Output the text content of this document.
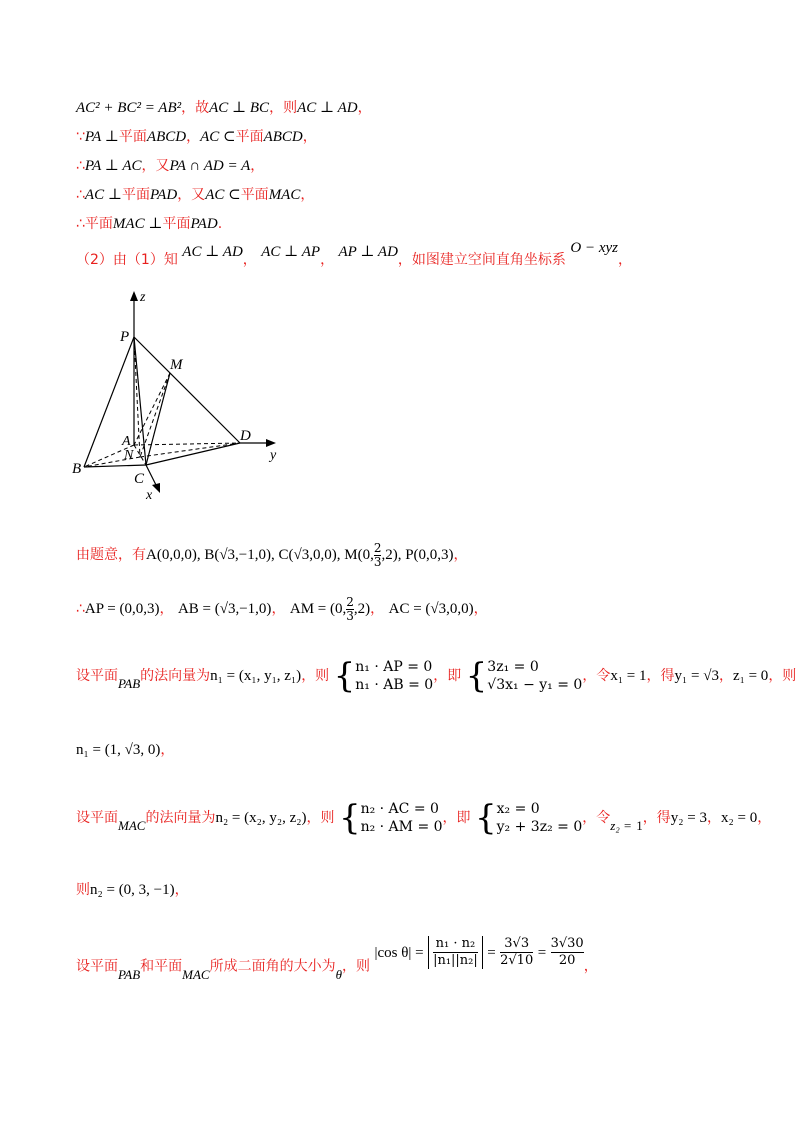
AC² + BC² = AB²，故AC ⊥ BC，则AC ⊥ AD，
∵PA ⊥平面ABCD，AC ⊂平面ABCD，
∴PA ⊥ AC，又PA ∩ AD = A，
∴AC ⊥平面PAD，又AC ⊂平面MAC，
∴平面MAC ⊥平面PAD.
（2）由（1）知 AC ⊥ AD， AC ⊥ AP， AP ⊥ AD，如图建立空间直角坐标系 O − xyz，
z
P
M
A
N
D
y
B
C
x
由题意，有A(0,0,0), B(√3,−1,0), C(√3,0,0), M(0, $\frac{2}{3} ,2$), P(0,0,3)，
∴AP = (0,0,3)， AB = (√3,−1,0)， AM = (0, $\frac{2}{3} ,2$)， AC = (√3,0,0)，
设平面PAB的法向量为n₁ = (x₁, y₁, z₁)，则 { n₁ · AP = 0
n₁ · AB = 0
，即 { 3z₁ = 0
√3x₁ − y₁ = 0
，令x₁ = 1，得y₁ = √3，z₁ = 0，则
n₁ = (1, √3, 0)，
设平面MAC的法向量为n₂ = (x₂, y₂, z₂)，则 { n₂ · AC = 0
n₂ · AM = 0
，即 { x₂ = 0
y₂ + 3z₂ = 0
，令z₂ = 1，得y₂ = 3，x₂ = 0，
则n₂ = (0, 3, −1)，
设平面PAB和平面MAC所成二面角的大小为θ，则 |cos $\theta| = \frac{\text{n₁ · n₂}}{\text{|n₁||n₂|}} = \frac{3√3}{2√10} = \frac{3√30}{20}$ ，
